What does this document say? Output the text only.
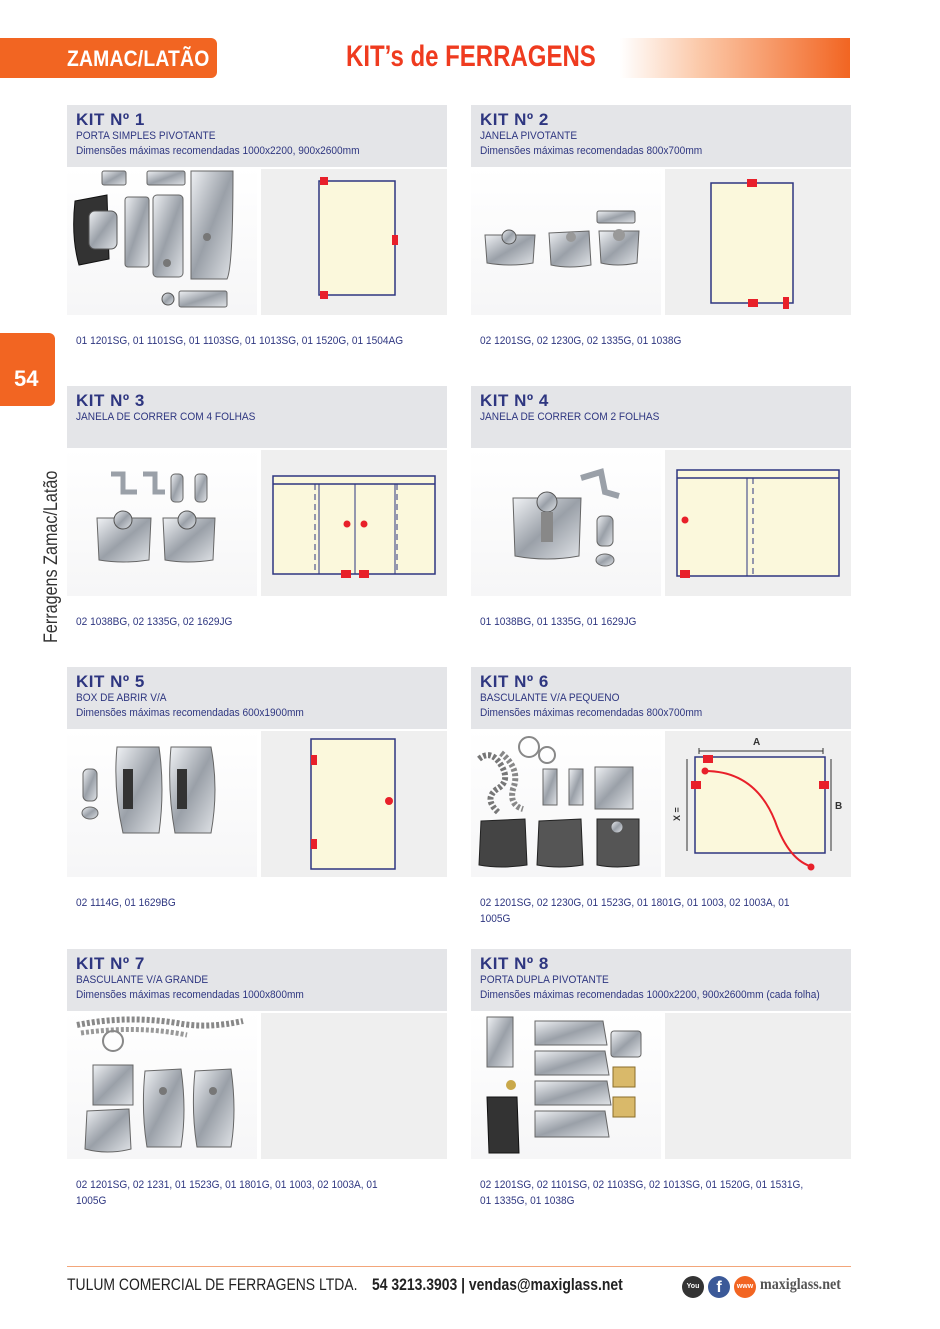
ZAMAC/LATÃO	KIT’s de FERRAGENS
54
Ferragens Zamac/Latão
KIT Nº 1
PORTA SIMPLES PIVOTANTE
Dimensões máximas recomendadas 1000x2200, 900x2600mm
01 1201SG, 01 1101SG, 01 1103SG, 01 1013SG, 01 1520G, 01 1504AG
KIT Nº 2
JANELA PIVOTANTE
Dimensões máximas recomendadas 800x700mm
02 1201SG, 02 1230G, 02 1335G, 01 1038G
KIT Nº 3
JANELA DE CORRER COM 4 FOLHAS
02 1038BG, 02 1335G, 02 1629JG
KIT Nº 4
JANELA DE CORRER COM 2 FOLHAS
01 1038BG, 01 1335G, 01 1629JG
KIT Nº 5
BOX DE ABRIR V/A
Dimensões máximas recomendadas 600x1900mm
02 1114G, 01 1629BG
KIT Nº 6
BASCULANTE V/A PEQUENO
Dimensões máximas recomendadas 800x700mm
A
B
X =
02 1201SG, 02 1230G, 01 1523G, 01 1801G, 01 1003, 02 1003A, 01 1005G
KIT Nº 7
BASCULANTE V/A GRANDE
Dimensões máximas recomendadas 1000x800mm
02 1201SG, 02 1231, 01 1523G, 01 1801G, 01 1003, 02 1003A, 01 1005G
KIT Nº 8
PORTA DUPLA PIVOTANTE
Dimensões máximas recomendadas 1000x2200, 900x2600mm (cada folha)
02 1201SG, 02 1101SG, 02 1103SG, 02 1013SG, 01 1520G, 01 1531G, 01 1335G, 01 1038G
TULUM COMERCIAL DE FERRAGENS LTDA. 54 3213.3903 | vendas@maxiglass.net	You Tube
f	www maxiglass.net
